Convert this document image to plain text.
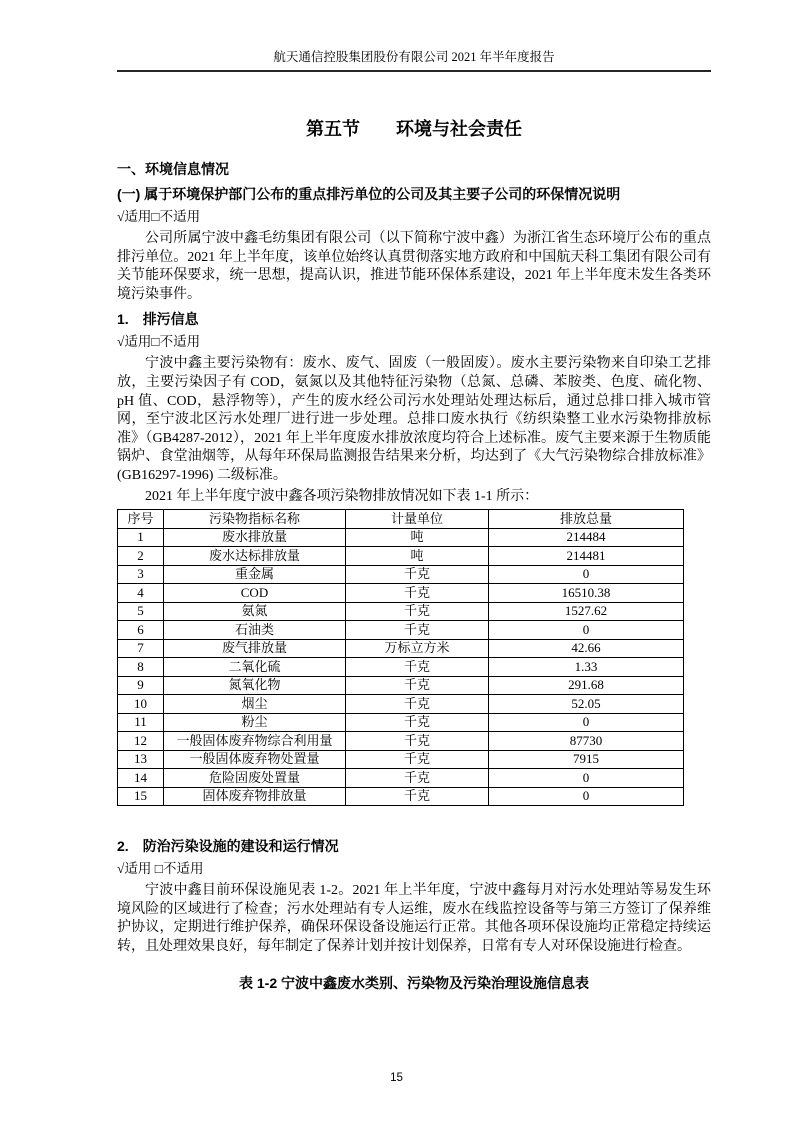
航天通信控股集团股份有限公司 2021 年半年度报告
第五节　　环境与社会责任
一、环境信息情况
(一) 属于环境保护部门公布的重点排污单位的公司及其主要子公司的环保情况说明
√适用□不适用
公司所属宁波中鑫毛纺集团有限公司（以下简称宁波中鑫）为浙江省生态环境厅公布的重点排污单位。2021 年上半年度，该单位始终认真贯彻落实地方政府和中国航天科工集团有限公司有关节能环保要求，统一思想，提高认识，推进节能环保体系建设，2021 年上半年度未发生各类环境污染事件。
1. 排污信息
√适用□不适用
宁波中鑫主要污染物有：废水、废气、固废（一般固废）。废水主要污染物来自印染工艺排放，主要污染因子有 COD，氨氮以及其他特征污染物（总氮、总磷、苯胺类、色度、硫化物、pH 值、COD，悬浮物等），产生的废水经公司污水处理站处理达标后，通过总排口排入城市管网，至宁波北区污水处理厂进行进一步处理。总排口废水执行《纺织染整工业水污染物排放标准》（GB4287-2012），2021 年上半年度废水排放浓度均符合上述标准。废气主要来源于生物质能锅炉、食堂油烟等，从每年环保局监测报告结果来分析，均达到了《大气污染物综合排放标准》(GB16297-1996) 二级标准。
2021 年上半年度宁波中鑫各项污染物排放情况如下表 1-1 所示：
序号	污染物指标名称	计量单位	排放总量
1	废水排放量	吨	214484
2	废水达标排放量	吨	214481
3	重金属	千克	0
4	COD	千克	16510.38
5	氨氮	千克	1527.62
6	石油类	千克	0
7	废气排放量	万标立方米	42.66
8	二氧化硫	千克	1.33
9	氮氧化物	千克	291.68
10	烟尘	千克	52.05
11	粉尘	千克	0
12	一般固体废弃物综合利用量	千克	87730
13	一般固体废弃物处置量	千克	7915
14	危险固废处置量	千克	0
15	固体废弃物排放量	千克	0
2. 防治污染设施的建设和运行情况
√适用 □不适用
宁波中鑫目前环保设施见表 1-2。2021 年上半年度，宁波中鑫每月对污水处理站等易发生环境风险的区域进行了检查；污水处理站有专人运维，废水在线监控设备等与第三方签订了保养维护协议，定期进行维护保养，确保环保设备设施运行正常。其他各项环保设施均正常稳定持续运转，且处理效果良好，每年制定了保养计划并按计划保养，日常有专人对环保设施进行检查。
表 1-2 宁波中鑫废水类别、污染物及污染治理设施信息表
15
